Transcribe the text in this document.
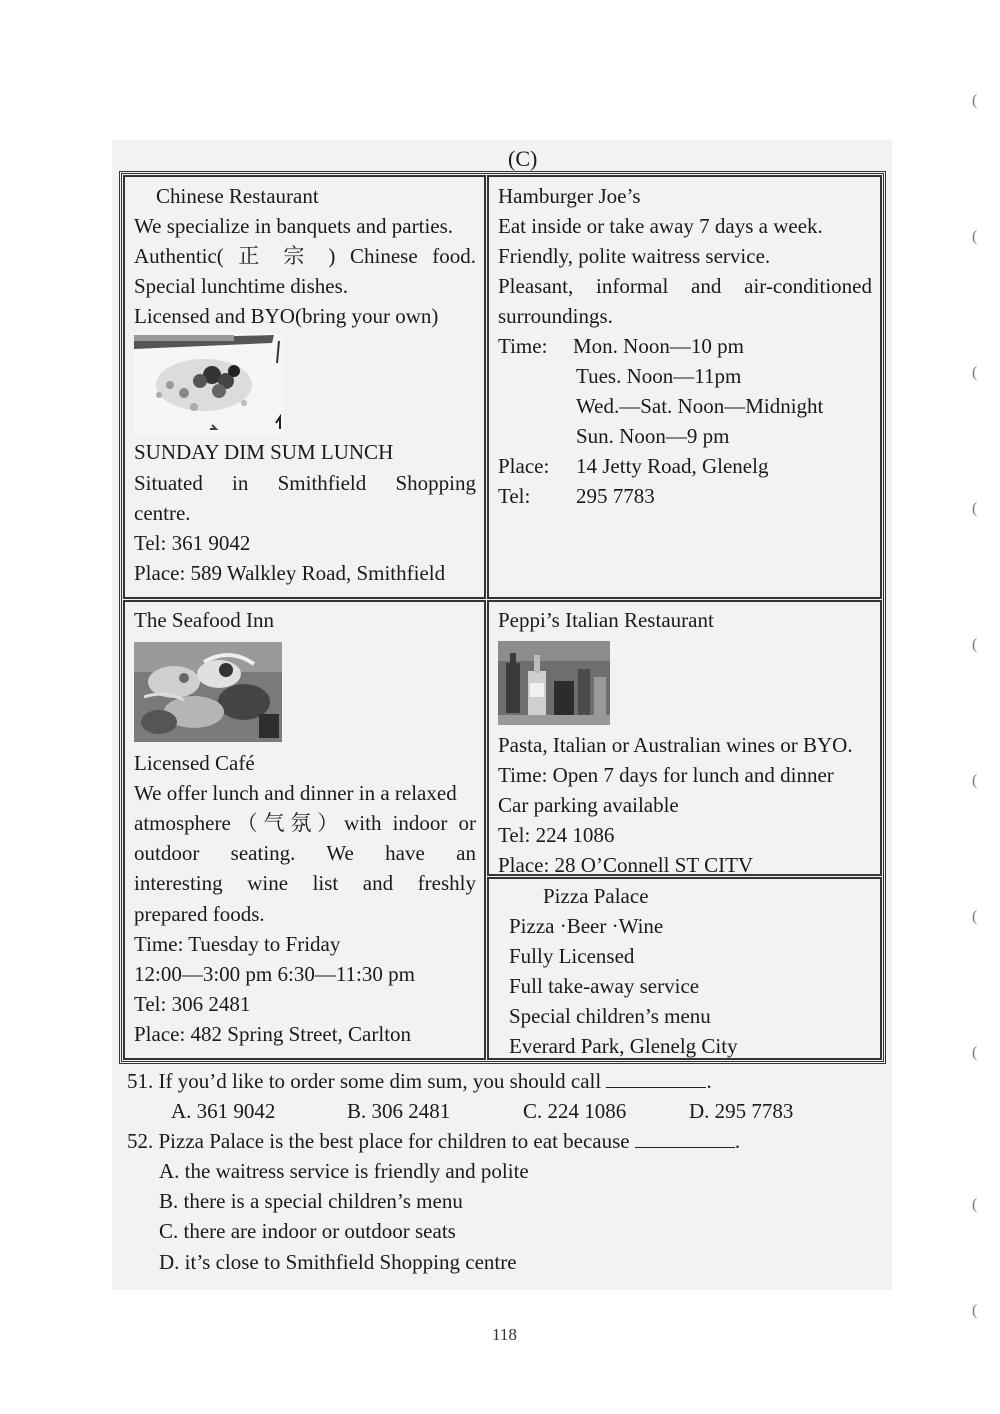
(
(
(
(
(
(
(
(
(
(
(C)
Chinese Restaurant
We specialize in banquets and parties.
Authentic( 正 宗 ) Chinese food.
Special lunchtime dishes.
Licensed and BYO(bring your own)
SUNDAY DIM SUM LUNCH
Situated in Smithfield Shopping
centre.
Tel: 361 9042
Place: 589 Walkley Road, Smithfield
Hamburger Joe’s
Eat inside or take away 7 days a week.
Friendly, polite waitress service.
Pleasant, informal and air-conditioned
surroundings.
Time: Mon. Noon—10 pm
Tues. Noon—11pm
Wed.—Sat. Noon—Midnight
Sun. Noon—9 pm
Place: 14 Jetty Road, Glenelg
Tel: 295 7783
The Seafood Inn
Licensed Café
We offer lunch and dinner in a relaxed
atmosphere（气氛）with indoor or
outdoor seating. We have an
interesting wine list and freshly
prepared foods.
Time: Tuesday to Friday
12:00—3:00 pm 6:30—11:30 pm
Tel: 306 2481
Place: 482 Spring Street, Carlton
Peppi’s Italian Restaurant
Pasta, Italian or Australian wines or BYO.
Time: Open 7 days for lunch and dinner
Car parking available
Tel: 224 1086
Place: 28 O’Connell ST CITV
Pizza Palace
Pizza ·Beer ·Wine
Fully Licensed
Full take-away service
Special children’s menu
Everard Park, Glenelg City
51. If you’d like to order some dim sum, you should call	.
A. 361 9042	B. 306 2481	C. 224 1086	D. 295 7783
52. Pizza Palace is the best place for children to eat because	.
A. the waitress service is friendly and polite
B. there is a special children’s menu
C. there are indoor or outdoor seats
D. it’s close to Smithfield Shopping centre
118
